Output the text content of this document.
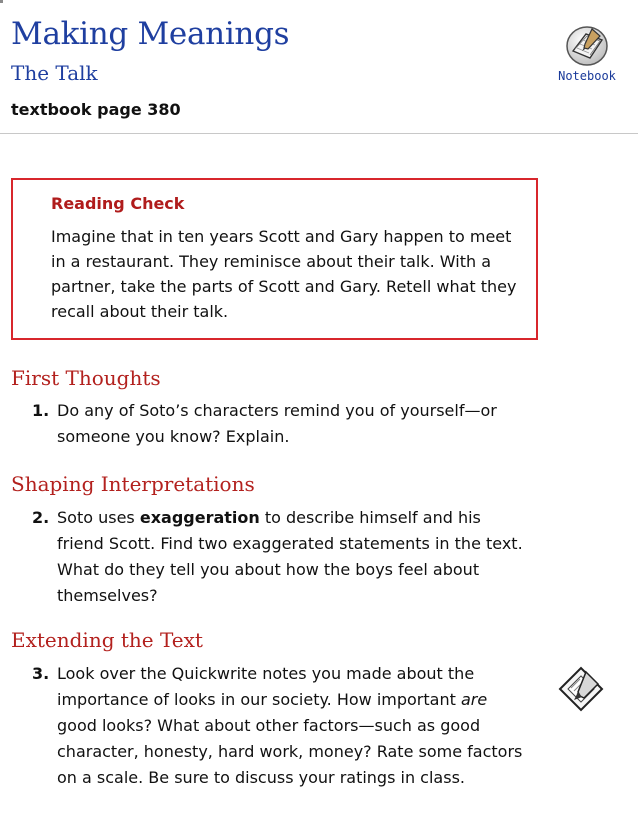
Making Meanings
The Talk
textbook page 380
Notebook
Reading Check
Imagine that in ten years Scott and Gary happen to meet in a restaurant. They reminisce about their talk. With a partner, take the parts of Scott and Gary. Retell what they recall about their talk.
First Thoughts
1. Do any of Soto’s characters remind you of yourself—or someone you know? Explain.
Shaping Interpretations
2. Soto uses exaggeration to describe himself and his friend Scott. Find two exaggerated statements in the text. What do they tell you about how the boys feel about themselves?
Extending the Text
3. Look over the Quickwrite notes you made about the importance of looks in our society. How important are good looks? What about other factors—such as good character, honesty, hard work, money? Rate some factors on a scale. Be sure to discuss your ratings in class.
